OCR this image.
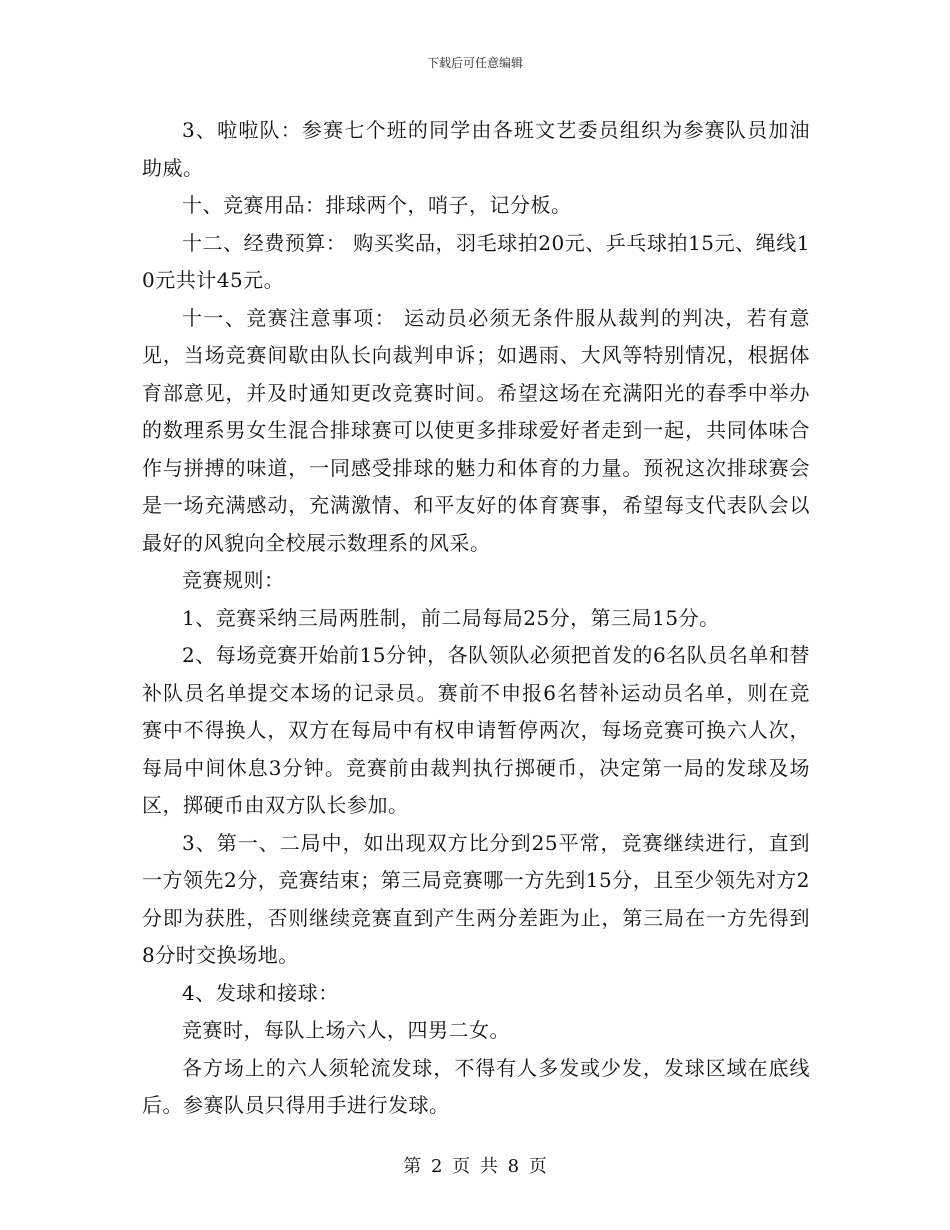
下载后可任意编辑

3、啦啦队：参赛七个班的同学由各班文艺委员组织为参赛队员加油助威。

十、竞赛用品：排球两个，哨子，记分板。

十二、经费预算： 购买奖品，羽毛球拍20元、乒乓球拍15元、绳线10元共计45元。

十一、竞赛注意事项： 运动员必须无条件服从裁判的判决，若有意见，当场竞赛间歇由队长向裁判申诉；如遇雨、大风等特别情况，根据体育部意见，并及时通知更改竞赛时间。希望这场在充满阳光的春季中举办的数理系男女生混合排球赛可以使更多排球爱好者走到一起，共同体味合作与拼搏的味道，一同感受排球的魅力和体育的力量。预祝这次排球赛会是一场充满感动，充满激情、和平友好的体育赛事，希望每支代表队会以最好的风貌向全校展示数理系的风采。

竞赛规则：

1、竞赛采纳三局两胜制，前二局每局25分，第三局15分。

2、每场竞赛开始前15分钟，各队领队必须把首发的6名队员名单和替补队员名单提交本场的记录员。赛前不申报6名替补运动员名单，则在竞赛中不得换人，双方在每局中有权申请暂停两次，每场竞赛可换六人次，每局中间休息3分钟。竞赛前由裁判执行掷硬币，决定第一局的发球及场区，掷硬币由双方队长参加。

3、第一、二局中，如出现双方比分到25平常，竞赛继续进行，直到一方领先2分，竞赛结束；第三局竞赛哪一方先到15分，且至少领先对方2分即为获胜，否则继续竞赛直到产生两分差距为止，第三局在一方先得到8分时交换场地。

4、发球和接球：

竞赛时，每队上场六人，四男二女。

各方场上的六人须轮流发球，不得有人多发或少发，发球区域在底线后。参赛队员只得用手进行发球。

第 2 页 共 8 页
